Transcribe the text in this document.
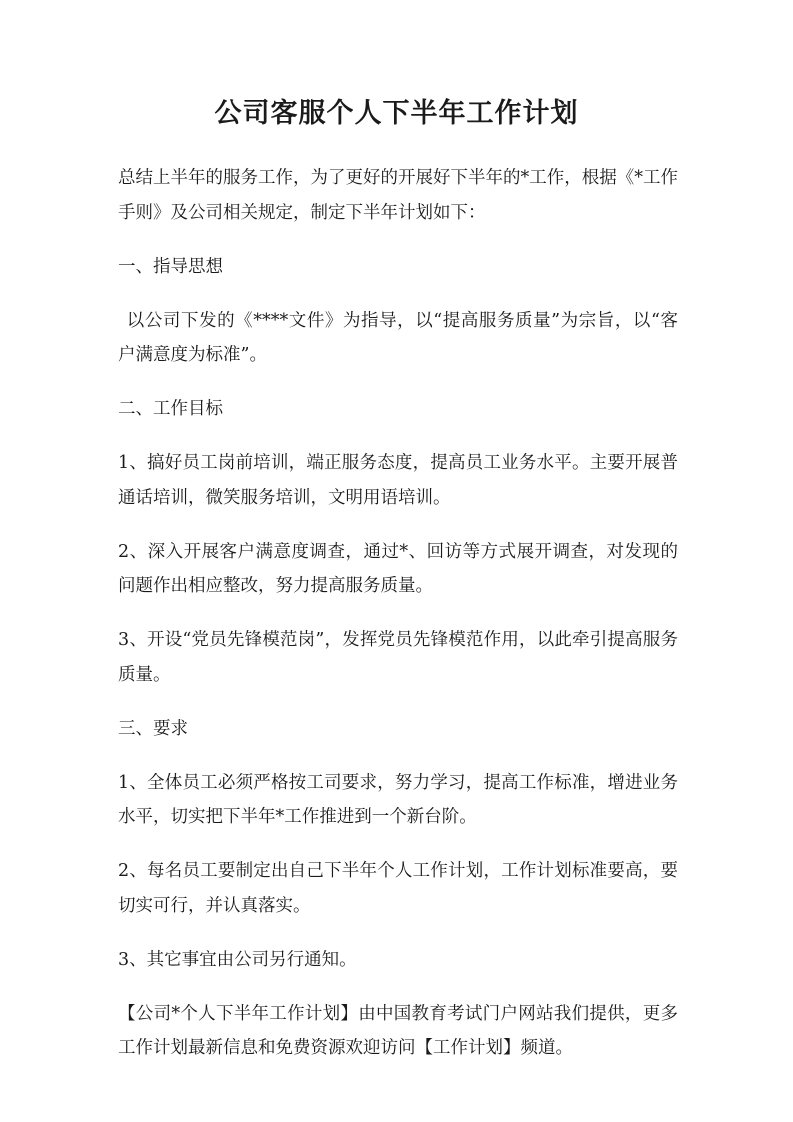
公司客服个人下半年工作计划

总结上半年的服务工作，为了更好的开展好下半年的*工作，根据《*工作手则》及公司相关规定，制定下半年计划如下：

一、指导思想

以公司下发的《****文件》为指导，以“提高服务质量”为宗旨，以“客户满意度为标准”。

二、工作目标

1、搞好员工岗前培训，端正服务态度，提高员工业务水平。主要开展普通话培训，微笑服务培训，文明用语培训。

2、深入开展客户满意度调查，通过*、回访等方式展开调查，对发现的问题作出相应整改，努力提高服务质量。

3、开设“党员先锋模范岗”，发挥党员先锋模范作用，以此牵引提高服务质量。

三、要求

1、全体员工必须严格按工司要求，努力学习，提高工作标准，增进业务水平，切实把下半年*工作推进到一个新台阶。

2、每名员工要制定出自己下半年个人工作计划，工作计划标准要高，要切实可行，并认真落实。

3、其它事宜由公司另行通知。

【公司*个人下半年工作计划】由中国教育考试门户网站我们提供，更多工作计划最新信息和免费资源欢迎访问【工作计划】频道。
